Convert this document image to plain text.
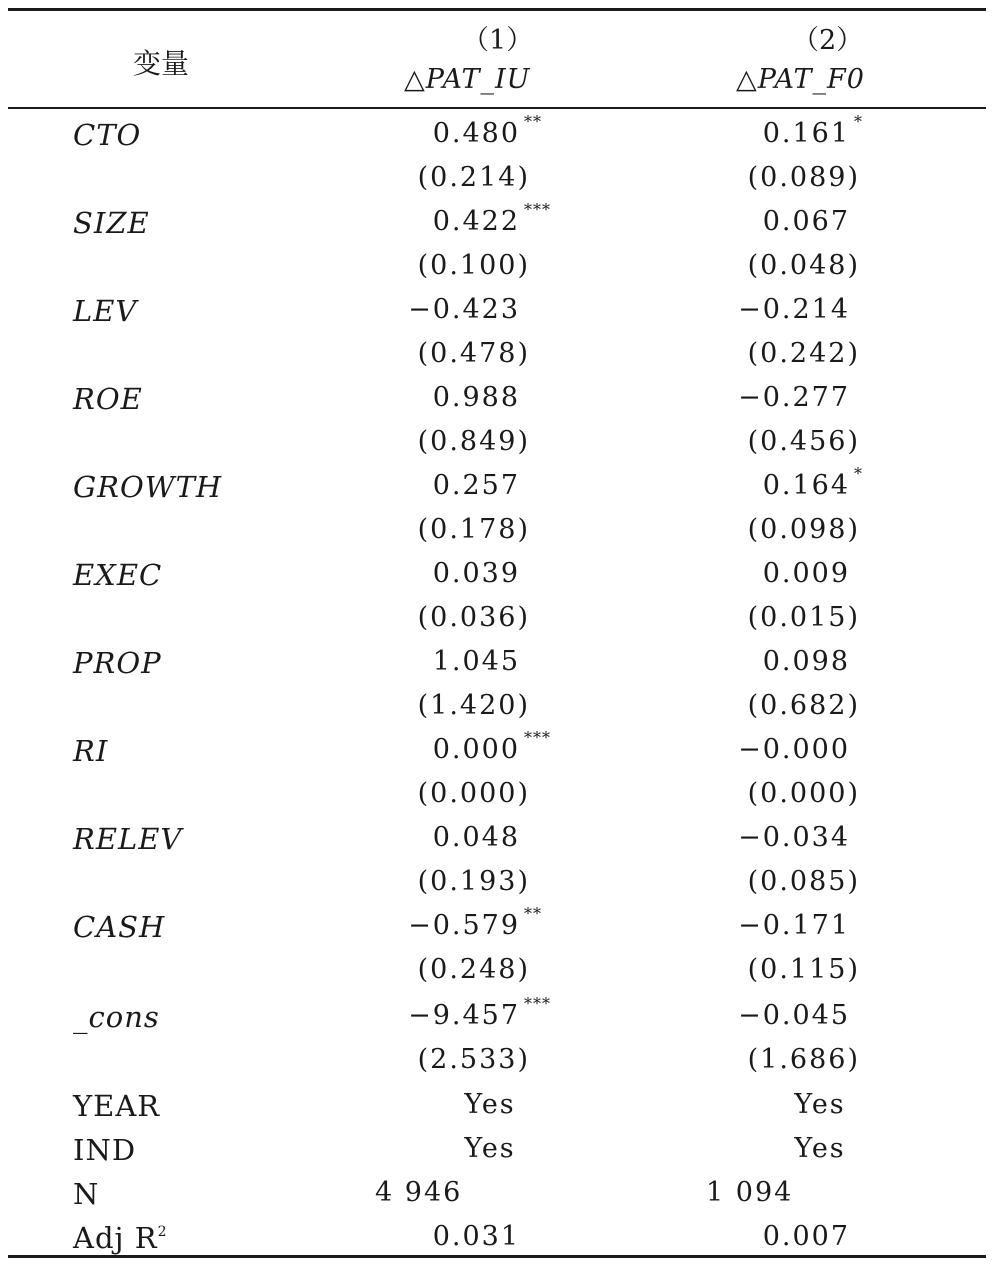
变量
（1）	（2）
△PAT_IU	△PAT_F0
CTO	0.480 **	0.161 *
(0.214)	(0.089)
SIZE	0.422 ***	0.067
(0.100)	(0.048)
LEV	−0.423	−0.214
(0.478)	(0.242)
ROE	0.988	−0.277
(0.849)	(0.456)
GROWTH	0.257	0.164 *
(0.178)	(0.098)
EXEC	0.039	0.009
(0.036)	(0.015)
PROP	1.045	0.098
(1.420)	(0.682)
RI	0.000 ***	−0.000
(0.000)	(0.000)
RELEV	0.048	−0.034
(0.193)	(0.085)
CASH	−0.579 **	−0.171
(0.248)	(0.115)
_cons	−9.457 ***	−0.045
(2.533)	(1.686)
YEAR	Yes	Yes
IND	Yes	Yes
N	4 946	1 094
Adj $R^2$	0.031	0.007
